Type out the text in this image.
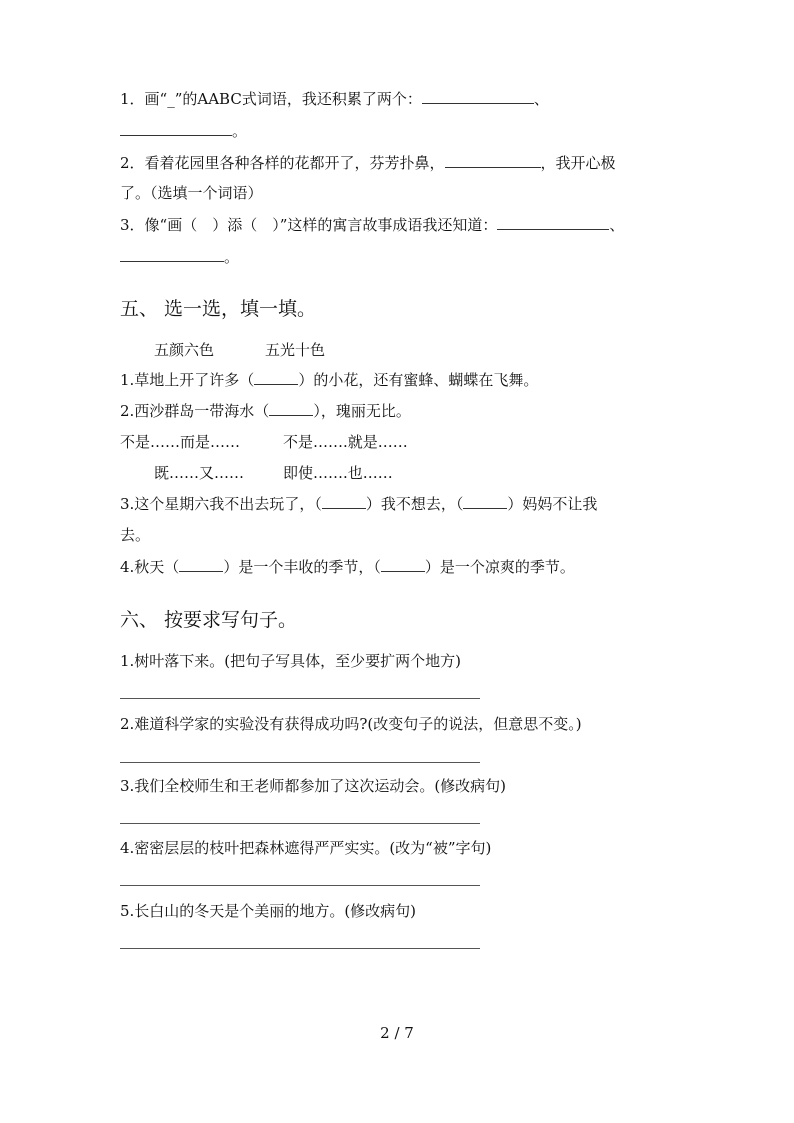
1．画“_”的AABC式词语，我还积累了两个：	、
。
2．看着花园里各种各样的花都开了，芬芳扑鼻，	，我开心极
了。（选填一个词语）
3．像“画（　）添（　）”这样的寓言故事成语我还知道：	、
。
五、 选一选，填一填。
五颜六色	五光十色
1.草地上开了许多（	）的小花，还有蜜蜂、蝴蝶在飞舞。
2.西沙群岛一带海水（	），瑰丽无比。
不是……而是……	不是…….就是……
既……又……	即使…….也……
3.这个星期六我不出去玩了，（	）我不想去，（	）妈妈不让我
去。
4.秋天（	）是一个丰收的季节，（	）是一个凉爽的季节。
六、 按要求写句子。
1.树叶落下来。(把句子写具体，至少要扩两个地方)
2.难道科学家的实验没有获得成功吗?(改变句子的说法，但意思不变。)
3.我们全校师生和王老师都参加了这次运动会。(修改病句)
4.密密层层的枝叶把森林遮得严严实实。(改为“被”字句)
5.长白山的冬天是个美丽的地方。(修改病句)
2 / 7
